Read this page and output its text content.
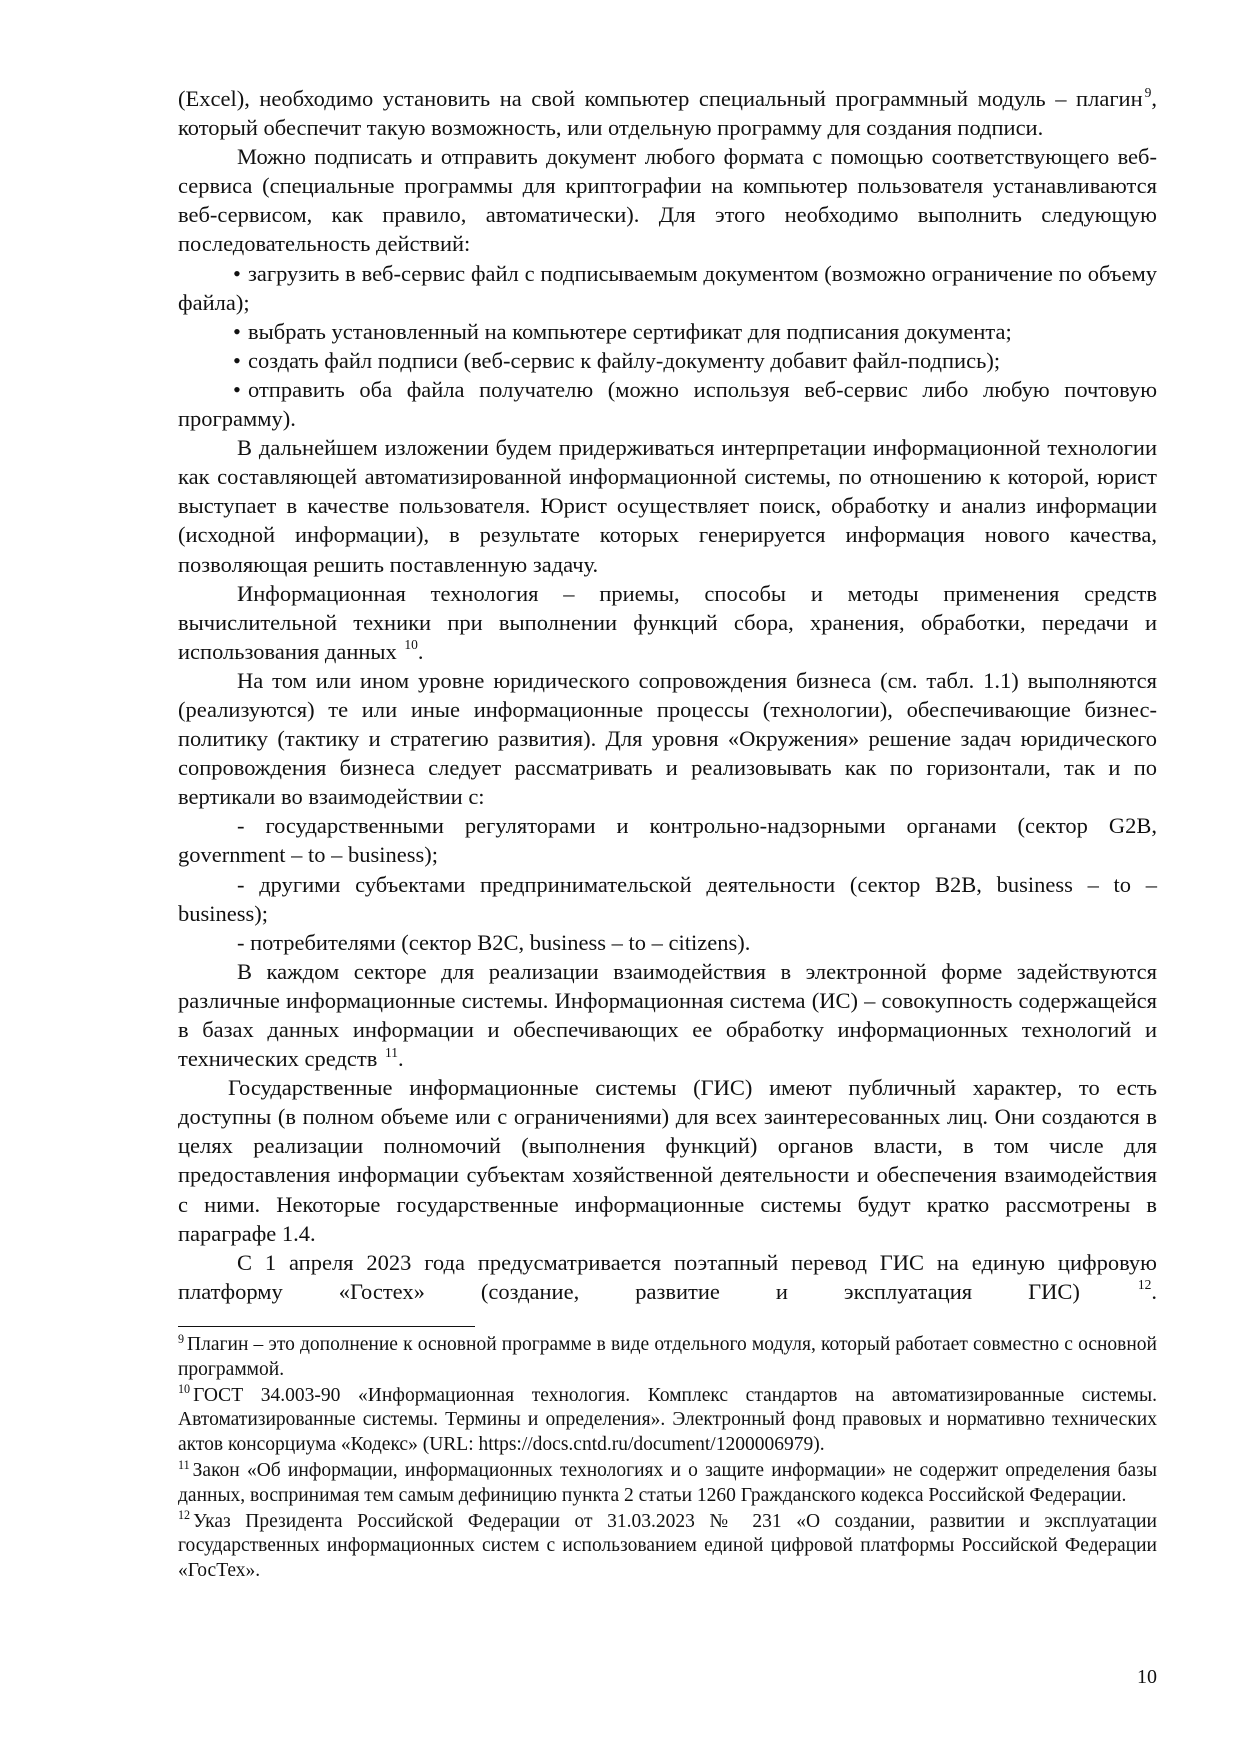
(Excel), необходимо установить на свой компьютер специальный программный модуль – плагин $^9$, который обеспечит такую возможность, или отдельную программу для создания подписи.

Можно подписать и отправить документ любого формата с помощью соответствующего веб-сервиса (специальные программы для криптографии на компьютер пользователя устанавливаются веб-сервисом, как правило, автоматически). Для этого необходимо выполнить следующую последовательность действий:

• загрузить в веб-сервис файл с подписываемым документом (возможно ограничение по объему файла);

• выбрать установленный на компьютере сертификат для подписания документа;

• создать файл подписи (веб-сервис к файлу-документу добавит файл-подпись);

• отправить оба файла получателю (можно используя веб-сервис либо любую почтовую программу).

В дальнейшем изложении будем придерживаться интерпретации информационной технологии как составляющей автоматизированной информационной системы, по отношению к которой, юрист выступает в качестве пользователя. Юрист осуществляет поиск, обработку и анализ информации (исходной информации), в результате которых генерируется информация нового качества, позволяющая решить поставленную задачу.

Информационная технология – приемы, способы и методы применения средств вычислительной техники при выполнении функций сбора, хранения, обработки, передачи и использования данных $^{10}$.

На том или ином уровне юридического сопровождения бизнеса (см. табл. 1.1) выполняются (реализуются) те или иные информационные процессы (технологии), обеспечивающие бизнес-политику (тактику и стратегию развития). Для уровня «Окружения» решение задач юридического сопровождения бизнеса следует рассматривать и реализовывать как по горизонтали, так и по вертикали во взаимодействии с:

- государственными регуляторами и контрольно-надзорными органами (сектор G2B, government – to – business);

- другими субъектами предпринимательской деятельности (сектор B2B, business – to – business);

- потребителями (сектор B2C, business – to – citizens).

В каждом секторе для реализации взаимодействия в электронной форме задействуются различные информационные системы. Информационная система (ИС) – совокупность содержащейся в базах данных информации и обеспечивающих ее обработку информационных технологий и технических средств $^{11}$.

Государственные информационные системы (ГИС) имеют публичный характер, то есть доступны (в полном объеме или с ограничениями) для всех заинтересованных лиц. Они создаются в целях реализации полномочий (выполнения функций) органов власти, в том числе для предоставления информации субъектам хозяйственной деятельности и обеспечения взаимодействия с ними. Некоторые государственные информационные системы будут кратко рассмотрены в параграфе 1.4.

С 1 апреля 2023 года предусматривается поэтапный перевод ГИС на единую цифровую платформу «Гостех» (создание, развитие и эксплуатация ГИС)	$^{12}$.

$^9$ Плагин – это дополнение к основной программе в виде отдельного модуля, который работает совместно с основной программой.

$^{10}$ ГОСТ 34.003-90 «Информационная технология. Комплекс стандартов на автоматизированные системы. Автоматизированные системы. Термины и определения». Электронный фонд правовых и нормативно технических актов консорциума «Кодекс» (URL: https://docs.cntd.ru/document/1200006979).

$^{11}$ Закон «Об информации, информационных технологиях и о защите информации» не содержит определения базы данных, воспринимая тем самым дефиницию пункта 2 статьи 1260 Гражданского кодекса Российской Федерации.

$^{12}$ Указ Президента Российской Федерации от 31.03.2023 № 231 «О создании, развитии и эксплуатации государственных информационных систем с использованием единой цифровой платформы Российской Федерации «ГосТех».

10
